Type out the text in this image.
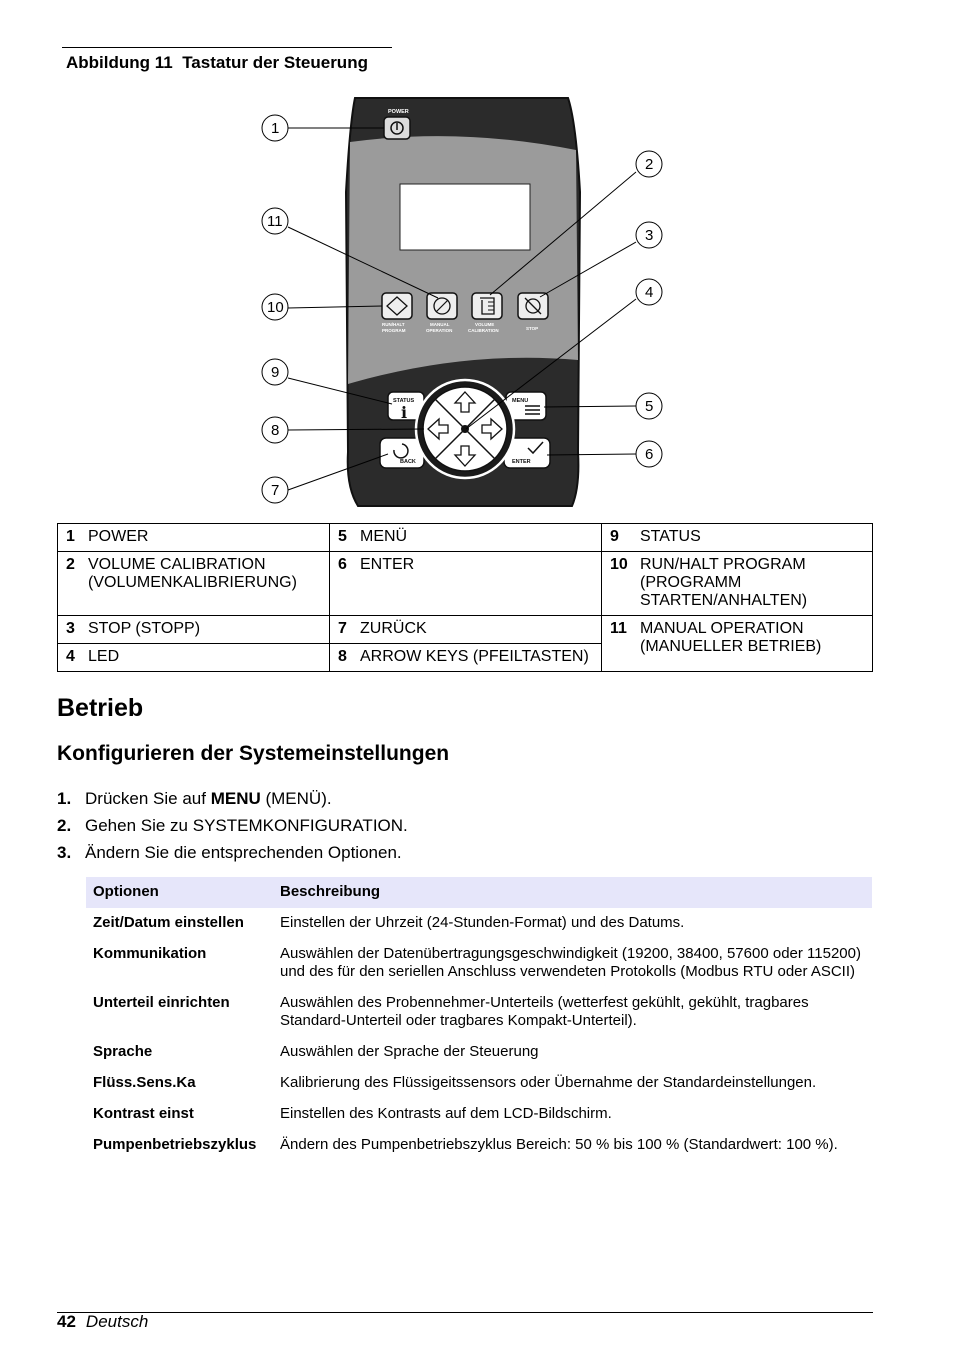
Abbildung 11 Tastatur der Steuerung
POWER
RUN/HALT
PROGRAM
MANUAL
OPERATION
VOLUME
CALIBRATION	STOP
i
STATUS	MENU
BACK	ENTER
1
2
3
4
5
6
7
8
9
10
11
1 POWER	5 MENÜ	9 STATUS
2 VOLUME CALIBRATION (VOLUMENKALIBRIERUNG)	6 ENTER	10 RUN/HALT PROGRAM (PROGRAMM STARTEN/ANHALTEN)
3 STOP (STOPP)	7 ZURÜCK	11 MANUAL OPERATION (MANUELLER BETRIEB)
4 LED	8 ARROW KEYS (PFEILTASTEN)	
Betrieb
Konfigurieren der Systemeinstellungen
1. Drücken Sie auf MENU (MENÜ).
2. Gehen Sie zu SYSTEMKONFIGURATION.
3. Ändern Sie die entsprechenden Optionen.
Optionen	Beschreibung
Zeit/Datum einstellen	Einstellen der Uhrzeit (24-Stunden-Format) und des Datums.
Kommunikation	Auswählen der Datenübertragungsgeschwindigkeit (19200, 38400, 57600 oder 115200) und des für den seriellen Anschluss verwendeten Protokolls (Modbus RTU oder ASCII)
Unterteil einrichten	Auswählen des Probennehmer-Unterteils (wetterfest gekühlt, gekühlt, tragbares Standard-Unterteil oder tragbares Kompakt-Unterteil).
Sprache	Auswählen der Sprache der Steuerung
Flüss.Sens.Ka	Kalibrierung des Flüssigeitssensors oder Übernahme der Standardeinstellungen.
Kontrast einst	Einstellen des Kontrasts auf dem LCD-Bildschirm.
Pumpenbetriebszyklus	Ändern des Pumpenbetriebszyklus Bereich: 50 % bis 100 % (Standardwert: 100 %).
42 Deutsch
